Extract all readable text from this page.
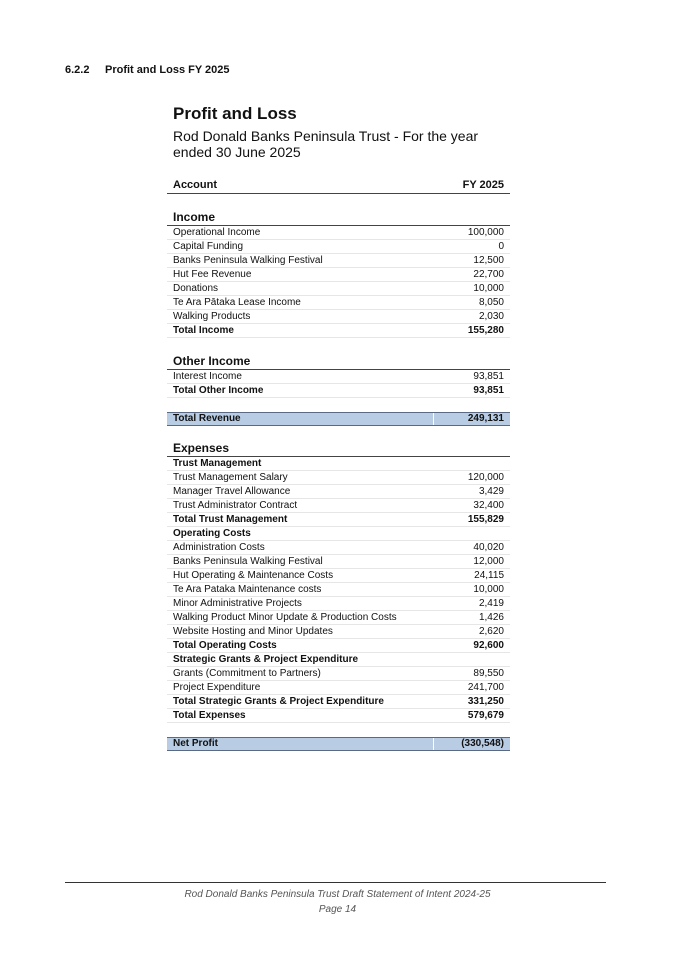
6.2.2 Profit and Loss FY 2025
Profit and Loss
Rod Donald Banks Peninsula Trust - For the year ended 30 June 2025
Account	FY 2025
Income
Operational Income	100,000
Capital Funding	0
Banks Peninsula Walking Festival	12,500
Hut Fee Revenue	22,700
Donations	10,000
Te Ara Pātaka Lease Income	8,050
Walking Products	2,030
Total Income	155,280
Other Income
Interest Income	93,851
Total Other Income	93,851
Total Revenue	249,131
Expenses
Trust Management
Trust Management Salary	120,000
Manager Travel Allowance	3,429
Trust Administrator Contract	32,400
Total Trust Management	155,829
Operating Costs
Administration Costs	40,020
Banks Peninsula Walking Festival	12,000
Hut Operating & Maintenance Costs	24,115
Te Ara Pataka Maintenance costs	10,000
Minor Administrative Projects	2,419
Walking Product Minor Update & Production Costs	1,426
Website Hosting and Minor Updates	2,620
Total Operating Costs	92,600
Strategic Grants & Project Expenditure
Grants (Commitment to Partners)	89,550
Project Expenditure	241,700
Total Strategic Grants & Project Expenditure	331,250
Total Expenses	579,679
Net Profit	(330,548)
Rod Donald Banks Peninsula Trust Draft Statement of Intent 2024-25
Page 14
